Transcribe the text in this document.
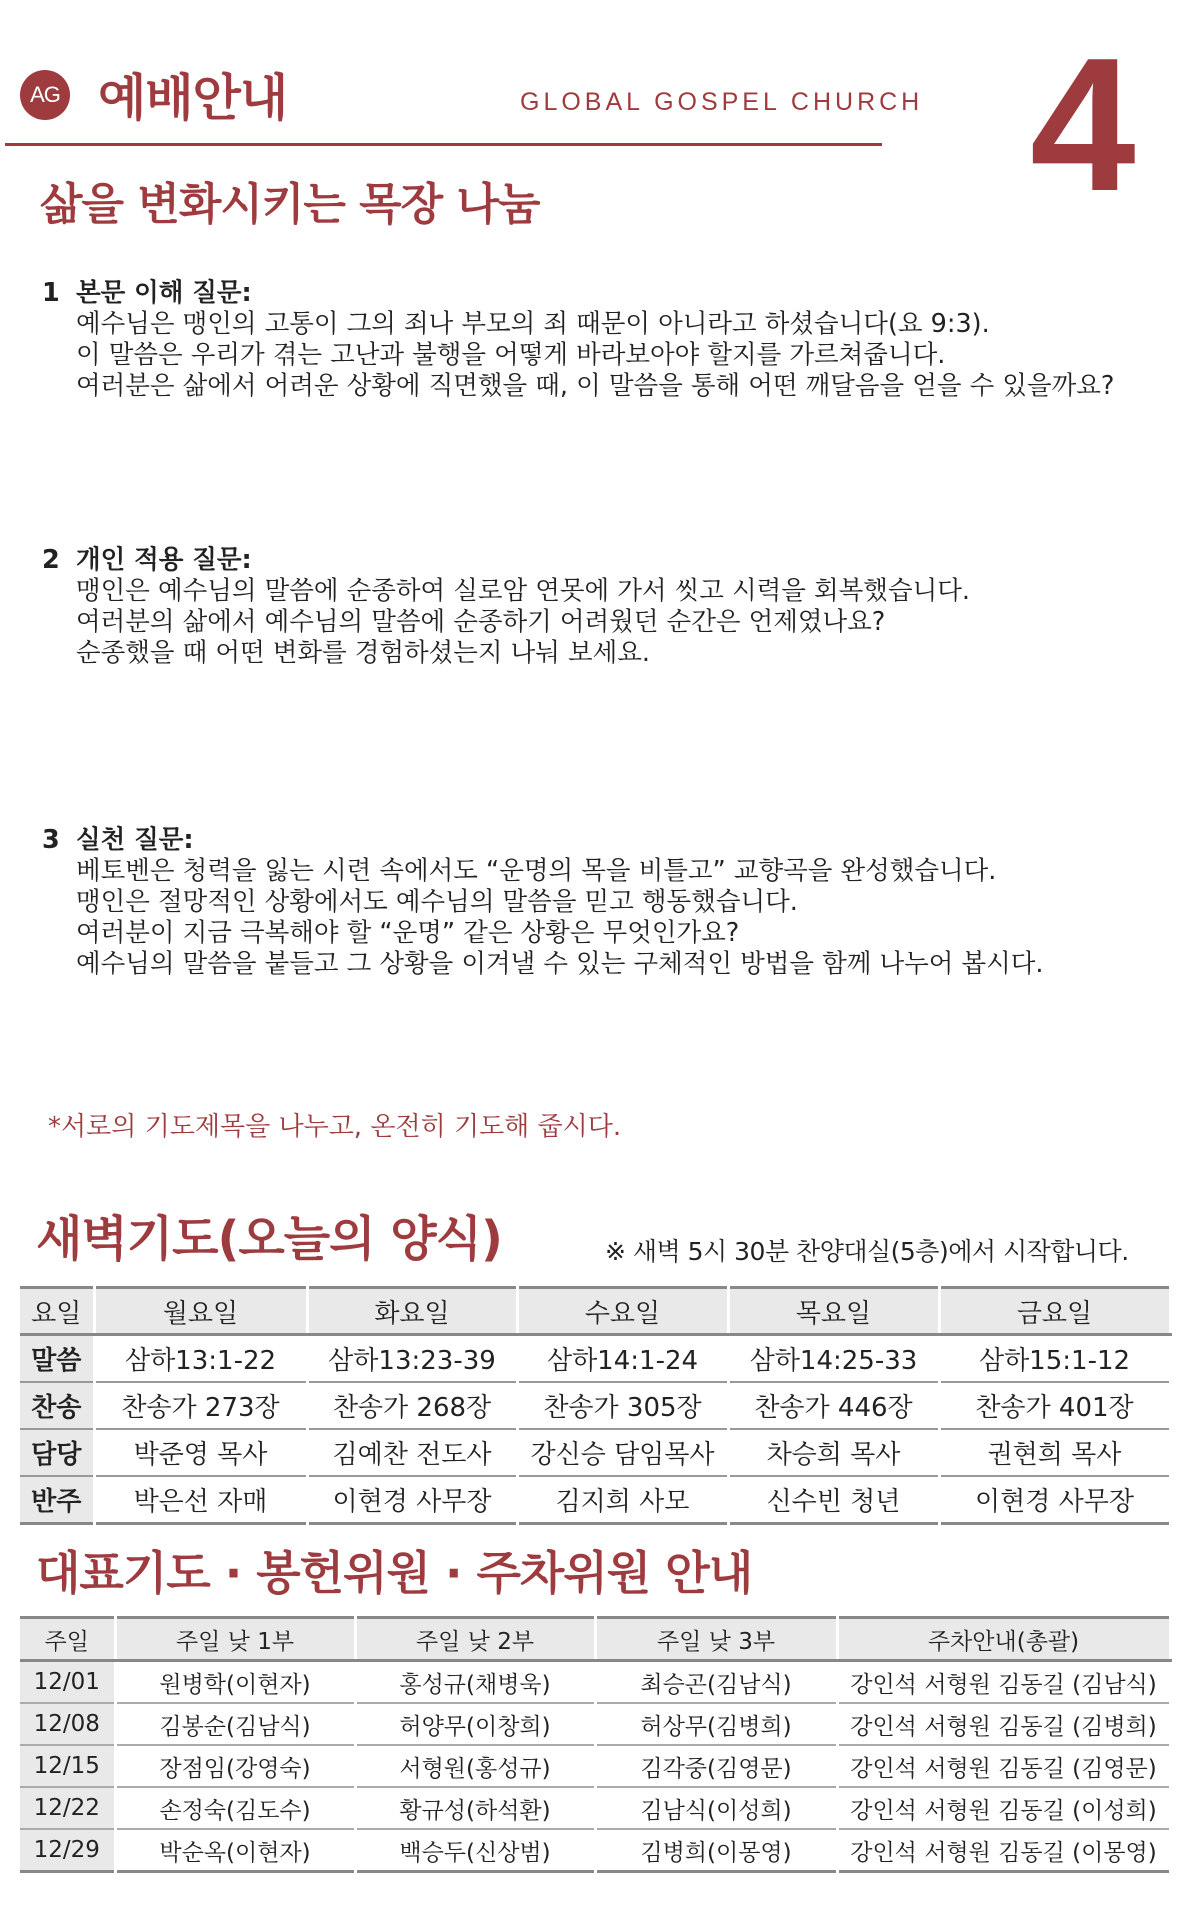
AG 예배안내	GLOBAL GOSPEL CHURCH 4
삶을 변화시키는 목장 나눔
1 본문 이해 질문:
예수님은 맹인의 고통이 그의 죄나 부모의 죄 때문이 아니라고 하셨습니다(요 9:3).
이 말씀은 우리가 겪는 고난과 불행을 어떻게 바라보아야 할지를 가르쳐줍니다.
여러분은 삶에서 어려운 상황에 직면했을 때, 이 말씀을 통해 어떤 깨달음을 얻을 수 있을까요?
2 개인 적용 질문:
맹인은 예수님의 말씀에 순종하여 실로암 연못에 가서 씻고 시력을 회복했습니다.
여러분의 삶에서 예수님의 말씀에 순종하기 어려웠던 순간은 언제였나요?
순종했을 때 어떤 변화를 경험하셨는지 나눠 보세요.
3 실천 질문:
베토벤은 청력을 잃는 시련 속에서도 “운명의 목을 비틀고” 교향곡을 완성했습니다.
맹인은 절망적인 상황에서도 예수님의 말씀을 믿고 행동했습니다.
여러분이 지금 극복해야 할 “운명” 같은 상황은 무엇인가요?
예수님의 말씀을 붙들고 그 상황을 이겨낼 수 있는 구체적인 방법을 함께 나누어 봅시다.
*서로의 기도제목을 나누고, 온전히 기도해 줍시다.
새벽기도(오늘의 양식)	※ 새벽 5시 30분 찬양대실(5층)에서 시작합니다.
요일	월요일	화요일	수요일	목요일	금요일
말씀	삼하13:1-22	삼하13:23-39	삼하14:1-24	삼하14:25-33	삼하15:1-12
찬송	찬송가 273장	찬송가 268장	찬송가 305장	찬송가 446장	찬송가 401장
담당	박준영 목사	김예찬 전도사	강신승 담임목사	차승희 목사	권현희 목사
반주	박은선 자매	이현경 사무장	김지희 사모	신수빈 청년	이현경 사무장
대표기도 · 봉헌위원 · 주차위원 안내
주일	주일 낮 1부	주일 낮 2부	주일 낮 3부	주차안내(총괄)
12/01	원병학(이현자)	홍성규(채병욱)	최승곤(김남식)	강인석 서형원 김동길 (김남식)
12/08	김봉순(김남식)	허양무(이창희)	허상무(김병희)	강인석 서형원 김동길 (김병희)
12/15	장점임(강영숙)	서형원(홍성규)	김각중(김영문)	강인석 서형원 김동길 (김영문)
12/22	손정숙(김도수)	황규성(하석환)	김남식(이성희)	강인석 서형원 김동길 (이성희)
12/29	박순옥(이현자)	백승두(신상범)	김병희(이몽영)	강인석 서형원 김동길 (이몽영)
